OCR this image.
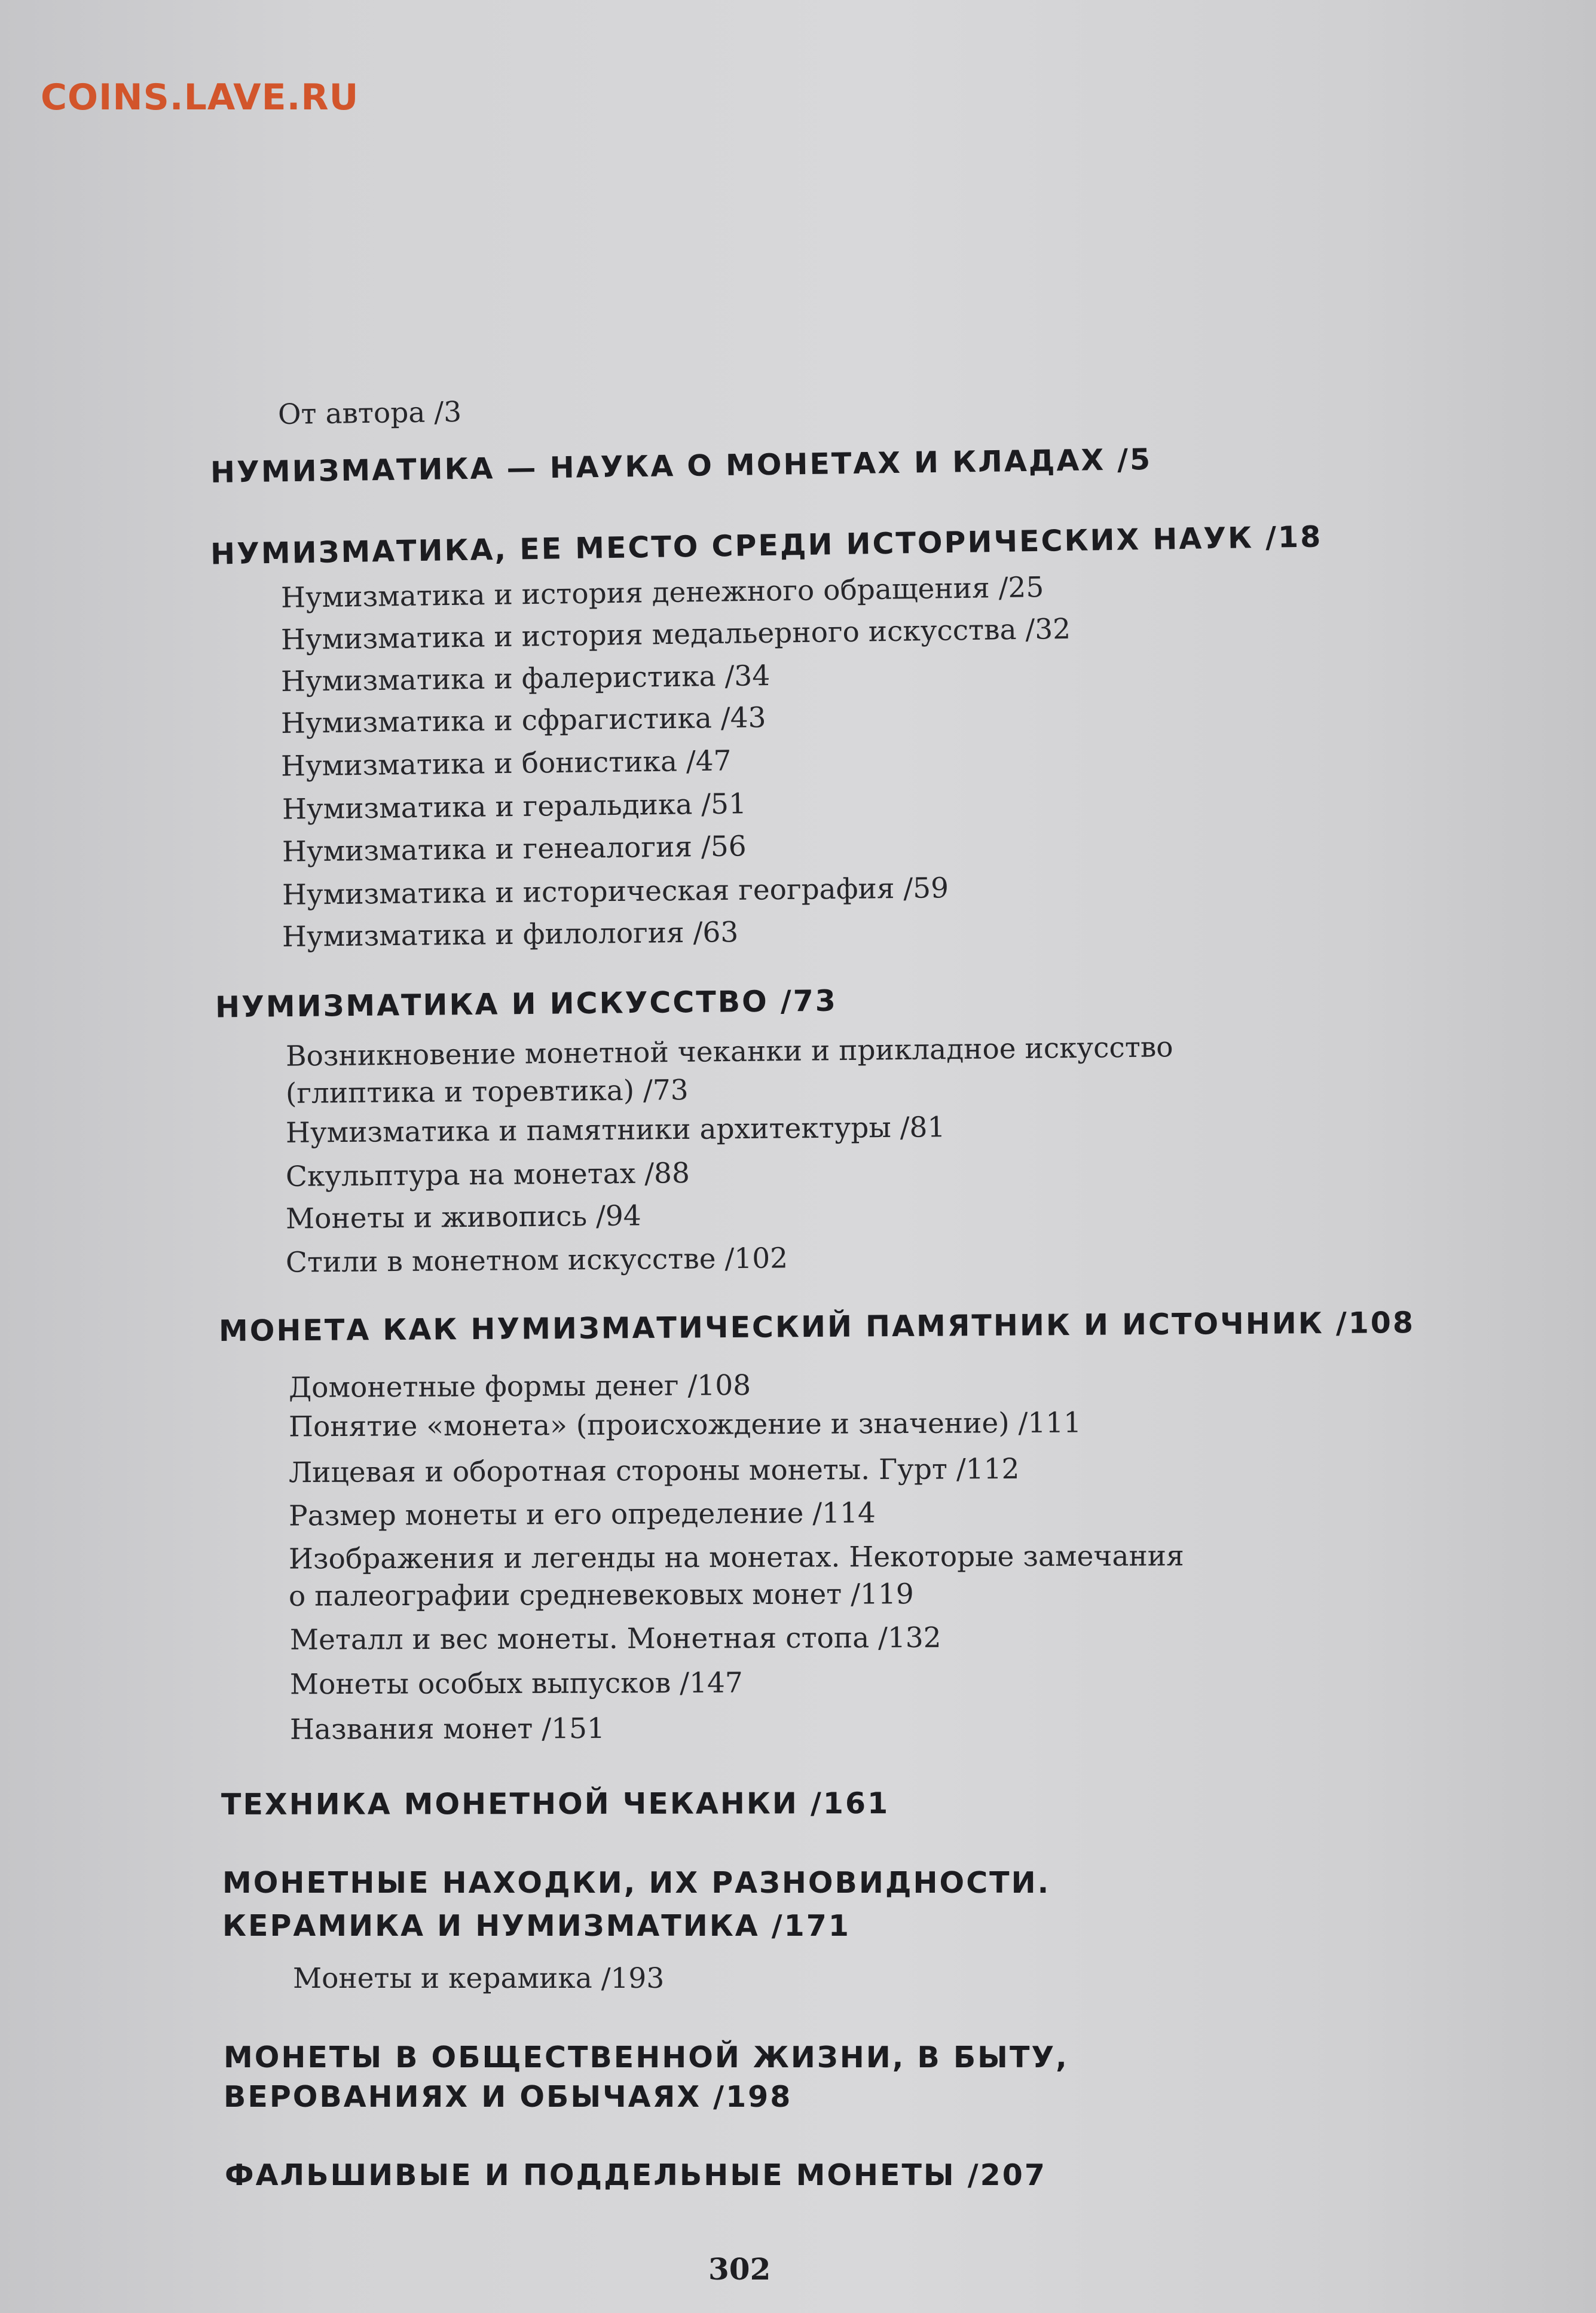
COINS.LAVE.RU
От автора /3
НУМИЗМАТИКА — НАУКА О МОНЕТАХ И КЛАДАХ /5
НУМИЗМАТИКА, ЕЕ МЕСТО СРЕДИ ИСТОРИЧЕСКИХ НАУК /18
Нумизматика и история денежного обращения /25
Нумизматика и история медальерного искусства /32
Нумизматика и фалеристика /34
Нумизматика и сфрагистика /43
Нумизматика и бонистика /47
Нумизматика и геральдика /51
Нумизматика и генеалогия /56
Нумизматика и историческая география /59
Нумизматика и филология /63
НУМИЗМАТИКА И ИСКУССТВО /73
Возникновение монетной чеканки и прикладное искусство
(глиптика и торевтика) /73
Нумизматика и памятники архитектуры /81
Скульптура на монетах /88
Монеты и живопись /94
Стили в монетном искусстве /102
МОНЕТА КАК НУМИЗМАТИЧЕСКИЙ ПАМЯТНИК И ИСТОЧНИК /108
Домонетные формы денег /108
Понятие «монета» (происхождение и значение) /111
Лицевая и оборотная стороны монеты. Гурт /112
Размер монеты и его определение /114
Изображения и легенды на монетах. Некоторые замечания
о палеографии средневековых монет /119
Металл и вес монеты. Монетная стопа /132
Монеты особых выпусков /147
Названия монет /151
ТЕХНИКА МОНЕТНОЙ ЧЕКАНКИ /161
МОНЕТНЫЕ НАХОДКИ, ИХ РАЗНОВИДНОСТИ.
КЕРАМИКА И НУМИЗМАТИКА /171
Монеты и керамика /193
МОНЕТЫ В ОБЩЕСТВЕННОЙ ЖИЗНИ, В БЫТУ,
ВЕРОВАНИЯХ И ОБЫЧАЯХ /198
ФАЛЬШИВЫЕ И ПОДДЕЛЬНЫЕ МОНЕТЫ /207
302
